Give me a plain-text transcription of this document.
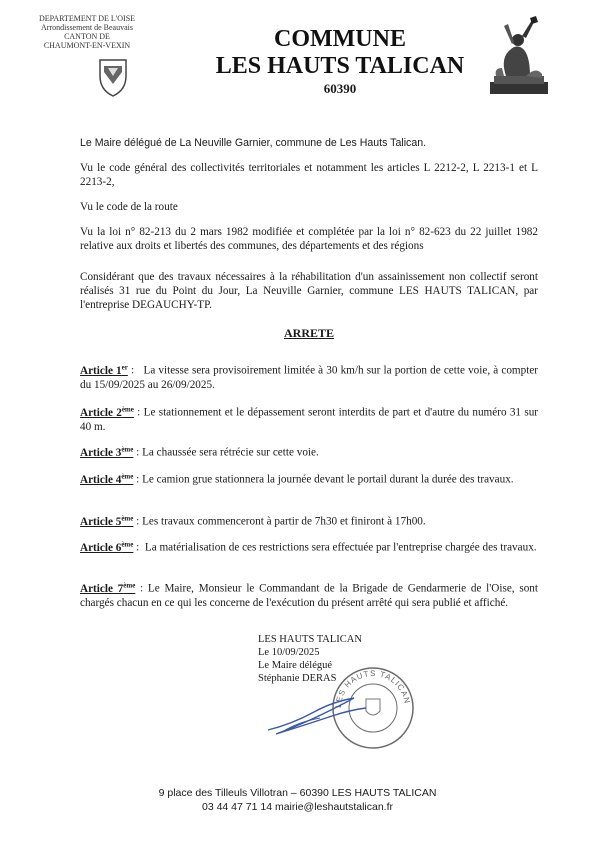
DEPARTEMENT DE L'OISE
Arrondissement de Beauvais
CANTON DE
CHAUMONT-EN-VEXIN	COMMUNE
LES HAUTS TALICAN
60390
Le Maire délégué de La Neuville Garnier, commune de Les Hauts Talican.
Vu le code général des collectivités territoriales et notamment les articles L 2212-2, L 2213-1 et L 2213-2,
Vu le code de la route
Vu la loi n° 82-213 du 2 mars 1982 modifiée et complétée par la loi n° 82-623 du 22 juillet 1982 relative aux droits et libertés des communes, des départements et des régions
Considérant que des travaux nécessaires à la réhabilitation d'un assainissement non collectif seront réalisés 31 rue du Point du Jour, La Neuville Garnier, commune LES HAUTS TALICAN, par l'entreprise DEGAUCHY-TP.
ARRETE
Article 1er :   La vitesse sera provisoirement limitée à 30 km/h sur la portion de cette voie, à compter du 15/09/2025 au 26/09/2025.
Article 2ème : Le stationnement et le dépassement seront interdits de part et d'autre du numéro 31 sur 40 m.
Article 3ème : La chaussée sera rétrécie sur cette voie.
Article 4ème : Le camion grue stationnera la journée devant le portail durant la durée des travaux.
Article 5ème : Les travaux commenceront à partir de 7h30 et finiront à 17h00.
Article 6ème :  La matérialisation de ces restrictions sera effectuée par l'entreprise chargée des travaux.
Article 7ème : Le Maire, Monsieur le Commandant de la Brigade de Gendarmerie de l'Oise, sont chargés chacun en ce qui les concerne de l'exécution du présent arrêté qui sera publié et affiché.
LES HAUTS TALICAN
Le 10/09/2025
Le Maire délégué
Stéphanie DERAS
LES HAUTS TALICAN
9 place des Tilleuls Villotran – 60390 LES HAUTS TALICAN
03 44 47 71 14 mairie@leshautstalican.fr
